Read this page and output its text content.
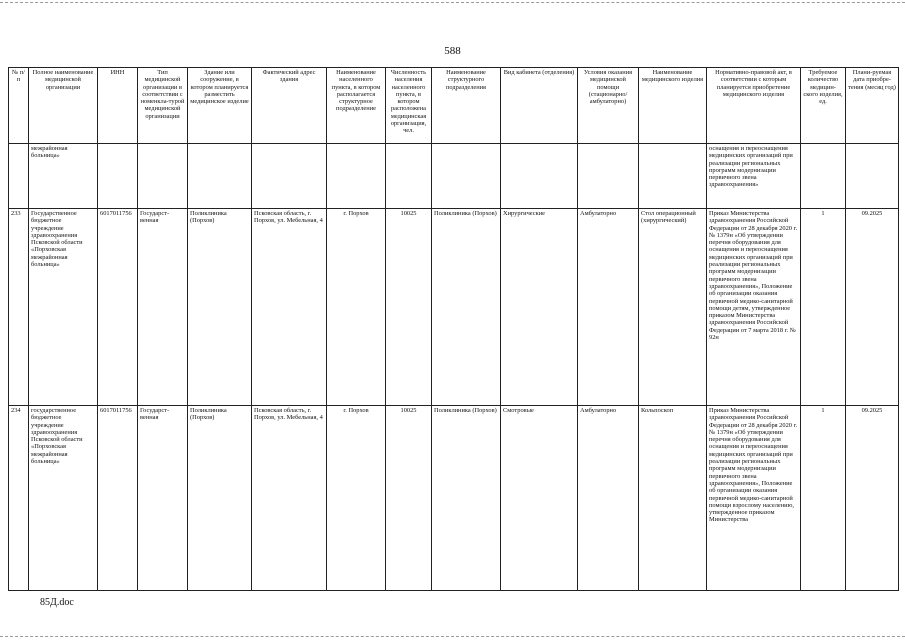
588
№ п/п	Полное наименование медицинской организации	ИНН	Тип медицинской организации в соответствии с номенкла-турой медицинской организации	Здание или сооружение, в котором планируется разместить медицинское изделие	Фактический адрес здания	Наименование населенного пункта, в котором располагается структурное подразделение	Численность населения населенного пункта, в котором расположена медицинская организация, чел.	Наименование структурного подразделения	Вид кабинета (отделения)	Условия оказания медицинской помощи (стационарно/ амбулаторно)	Наименование медицинского изделия	Нормативно-правовой акт, в соответствии с которым планируется приобретение медицинского изделия	Требуемое количество медицин-ского изделия, ед.	Плани-руемая дата приобре-тения (месяц год)
	межрайонная больница»											оснащения и переоснащения медицинских организаций при реализации региональных программ модернизации первичного звена здравоохранения»		
233	Государственное бюджетное учреждение здравоохранения Псковской области «Порховская межрайонная больница»	6017011756	Государст-венная	Поликлиника (Порхов)	Псковская область, г. Порхов, ул. Мебельная, 4	г. Порхов	10025	Поликлиника (Порхов)	Хирургические	Амбулаторно	Стол операционный (хирургический)	Приказ Министерства здравоохранения Российской Федерации от 28 декабря 2020 г. № 1379н «Об утверждении перечня оборудования для оснащения и переоснащения медицинских организаций при реализации региональных программ модернизации первичного звена здравоохранения», Положение об организации оказания первичной медико-санитарной помощи детям, утвержденное приказом Министерства здравоохранения Российской Федерации от 7 марта 2018 г. № 92н	1	09.2025
234	государственное бюджетное учреждение здравоохранения Псковской области «Порховская межрайонная больница»	6017011756	Государст-венная	Поликлиника (Порхов)	Псковская область, г. Порхов, ул. Мебельная, 4	г. Порхов	10025	Поликлиника (Порхов)	Смотровые	Амбулаторно	Кольпоскоп	Приказ Министерства здравоохранения Российской Федерации от 28 декабря 2020 г. № 1379н «Об утверждении перечня оборудования для оснащения и переоснащения медицинских организаций при реализации региональных программ модернизации первичного звена здравоохранения», Положение об организации оказания первичной медико-санитарной помощи взрослому населению, утвержденное приказом Министерства	1	09.2025
85Д.doc
